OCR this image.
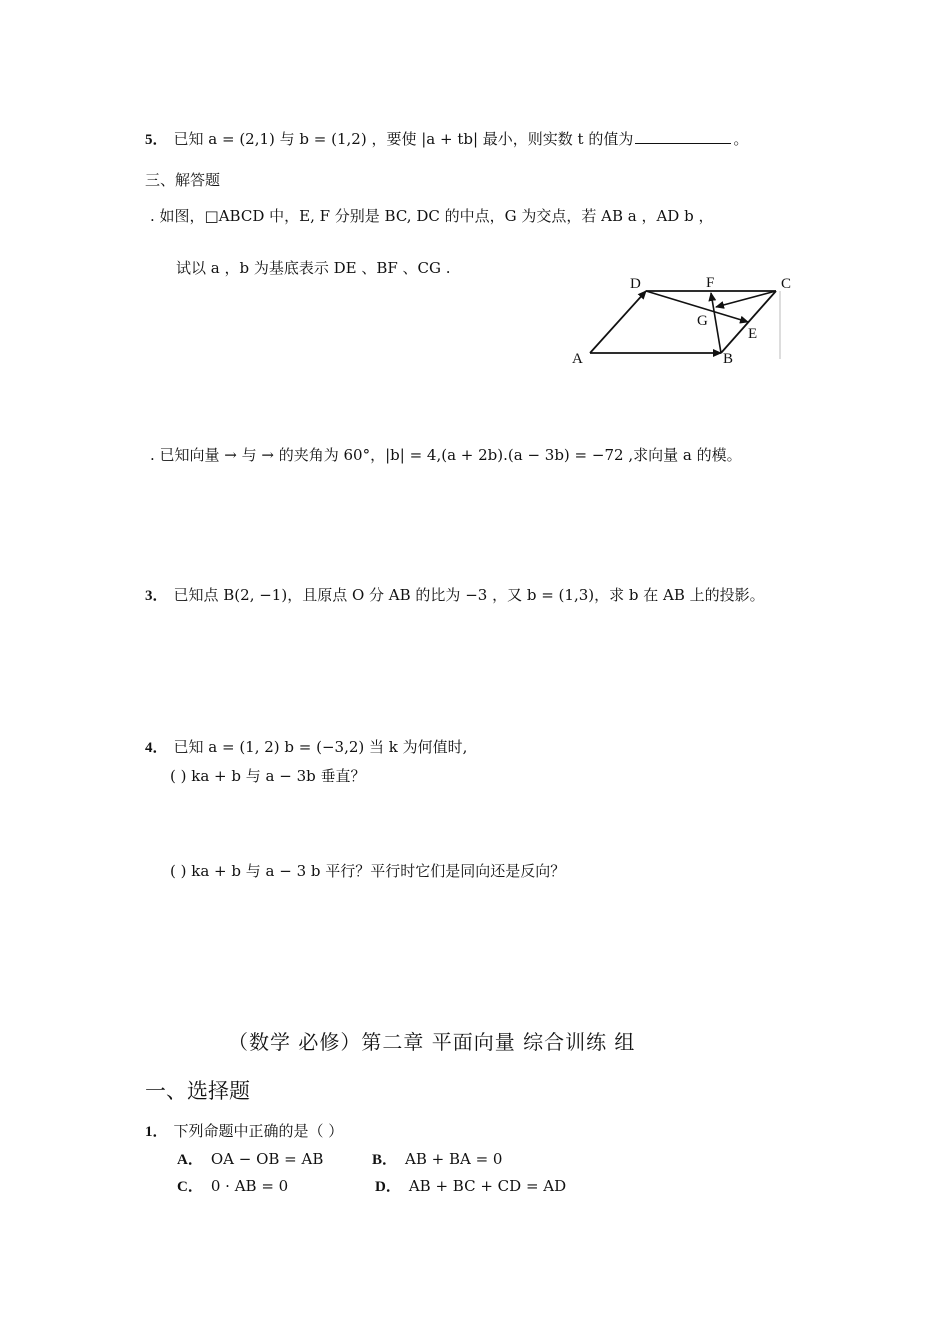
5． 已知 a = (2,1) 与 b = (1,2) ，要使 |a + tb| 最小，则实数 t 的值为	。
三、解答题
. 如图，□ABCD 中，E, F 分别是 BC, DC 的中点，G 为交点，若 AB a ，AD b ，
试以 a ，b 为基底表示 DE 、BF 、CG .
D	F	C
G
E
A	B
. 已知向量 → 与 → 的夹角为 60°，|b| = 4,(a + 2b).(a − 3b) = −72 ,求向量 a 的模。
3． 已知点 B(2, −1)，且原点 O 分 AB 的比为 −3 ，又 b = (1,3)，求 b 在 AB 上的投影。
4． 已知 a = (1, 2) b = (−3,2) 当 k 为何值时,
( ) ka + b 与 a − 3b 垂直？
( ) ka + b 与 a − 3 b 平行？平行时它们是同向还是反向？
（数学 必修）第二章 平面向量 综合训练 组
一、选择题
1． 下列命题中正确的是（ ）
A． OA − OB = AB	B． AB + BA = 0
C． 0 · AB = 0	D． AB + BC + CD = AD
